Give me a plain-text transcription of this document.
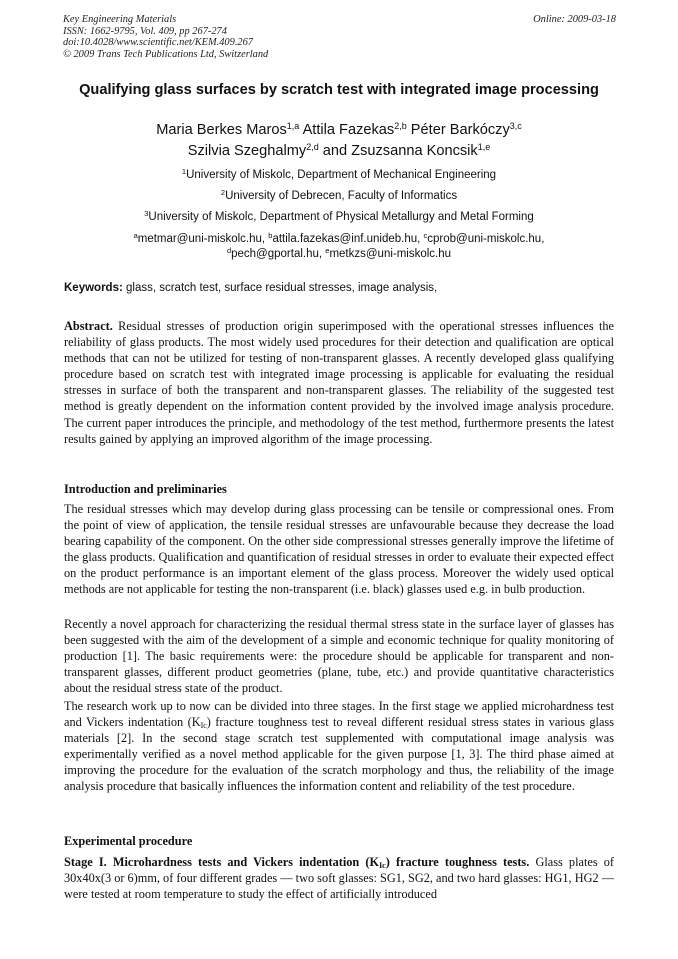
Key Engineering Materials
ISSN: 1662-9795, Vol. 409, pp 267-274
doi:10.4028/www.scientific.net/KEM.409.267
© 2009 Trans Tech Publications Ltd, Switzerland
Online: 2009-03-18
Qualifying glass surfaces by scratch test with integrated image processing
Maria Berkes Maros$^{1,a}$ Attila Fazekas$^{2,b}$ Péter Barkóczy$^{3,c}$
Szilvia Szeghalmy$^{2,d}$ and Zsuzsanna Koncsik$^{1,e}$
$^1$University of Miskolc, Department of Mechanical Engineering
$^2$University of Debrecen, Faculty of Informatics
$^3$University of Miskolc, Department of Physical Metallurgy and Metal Forming
$^a$metmar@uni-miskolc.hu, $^b$attila.fazekas@inf.unideb.hu, $^c$cprob@uni-miskolc.hu,
$^d$pech@gportal.hu, $^e$metkzs@uni-miskolc.hu
Keywords: glass, scratch test, surface residual stresses, image analysis,

Abstract. Residual stresses of production origin superimposed with the operational stresses influences the reliability of glass products. The most widely used procedures for their detection and qualification are optical methods that can not be utilized for testing of non-transparent glasses. A recently developed glass qualifying procedure based on scratch test with integrated image processing is applicable for evaluating the residual stresses in surface of both the transparent and non-transparent glasses. The reliability of the suggested test method is greatly dependent on the information content provided by the involved image analysis procedure. The current paper introduces the principle, and methodology of the test method, furthermore presents the latest results gained by applying an improved algorithm of the image processing.

Introduction and preliminaries

The residual stresses which may develop during glass processing can be tensile or compressional ones. From the point of view of application, the tensile residual stresses are unfavourable because they decrease the load bearing capability of the component. On the other side compressional stresses generally improve the lifetime of the glass products. Qualification and quantification of residual stresses in order to evaluate their expected effect on the product performance is an important element of the glass process. Moreover the widely used optical methods are not applicable for testing the non-transparent (i.e. black) glasses used e.g. in bulb production.

Recently a novel approach for characterizing the residual thermal stress state in the surface layer of glasses has been suggested with the aim of the development of a simple and economic technique for quality monitoring of production [1]. The basic requirements were: the procedure should be applicable for transparent and non-transparent glasses, different product geometries (plane, tube, etc.) and provide quantitative characteristics about the residual stress state of the product.

The research work up to now can be divided into three stages. In the first stage we applied microhardness test and Vickers indentation $(K_{Ic})$ fracture toughness test to reveal different residual stress states in various glass materials [2]. In the second stage scratch test supplemented with computational image analysis was experimentally verified as a novel method applicable for the given purpose [1, 3]. The third phase aimed at improving the procedure for the evaluation of the scratch morphology and thus, the reliability of the image analysis procedure that basically influences the information content and reliability of the test procedure.

Experimental procedure

Stage I. Microhardness tests and Vickers indentation $(K_{Ic})$ fracture toughness tests. Glass plates of 30x40x(3 or 6)mm, of four different grades — two soft glasses: SG1, SG2, and two hard glasses: HG1, HG2 — were tested at room temperature to study the effect of artificially introduced
